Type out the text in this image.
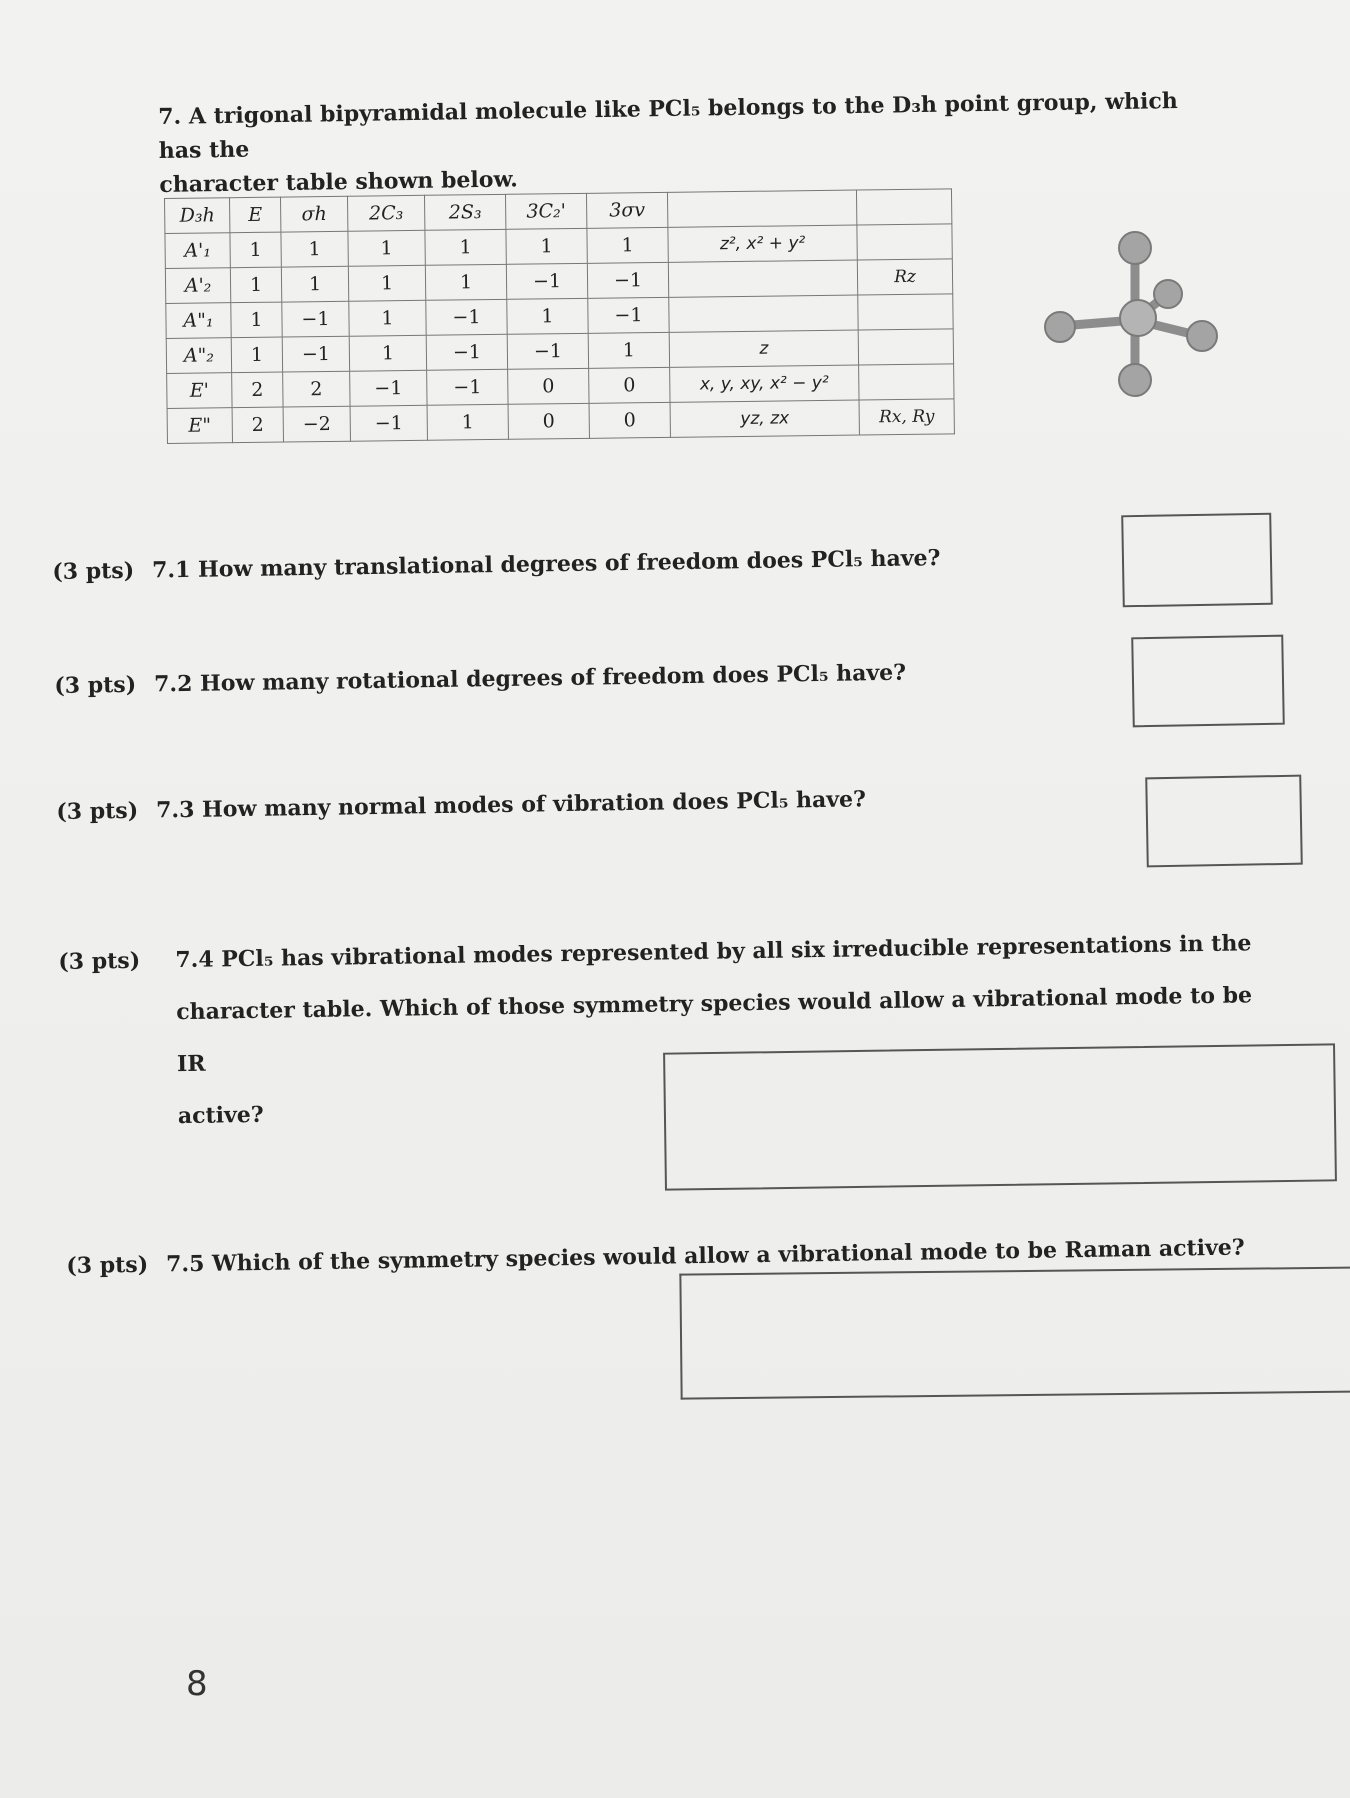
7. A trigonal bipyramidal molecule like PCl₅ belongs to the D₃h point group, which has the
character table shown below.
D₃h	E	σh	2C₃	2S₃	3C₂'	3σv		
A'₁	1	1	1	1	1	1	z², x² + y²	
A'₂	1	1	1	1	−1	−1		Rz
A"₁	1	−1	1	−1	1	−1		
A"₂	1	−1	1	−1	−1	1	z	
E'	2	2	−1	−1	0	0	x, y, xy, x² − y²	
E"	2	−2	−1	1	0	0	yz, zx	Rx, Ry
(3 pts) 7.1 How many translational degrees of freedom does PCl₅ have?
(3 pts) 7.2 How many rotational degrees of freedom does PCl₅ have?
(3 pts) 7.3 How many normal modes of vibration does PCl₅ have?
(3 pts) 7.4 PCl₅ has vibrational modes represented by all six irreducible representations in the
character table. Which of those symmetry species would allow a vibrational mode to be IR
active?
(3 pts) 7.5 Which of the symmetry species would allow a vibrational mode to be Raman active?
8
